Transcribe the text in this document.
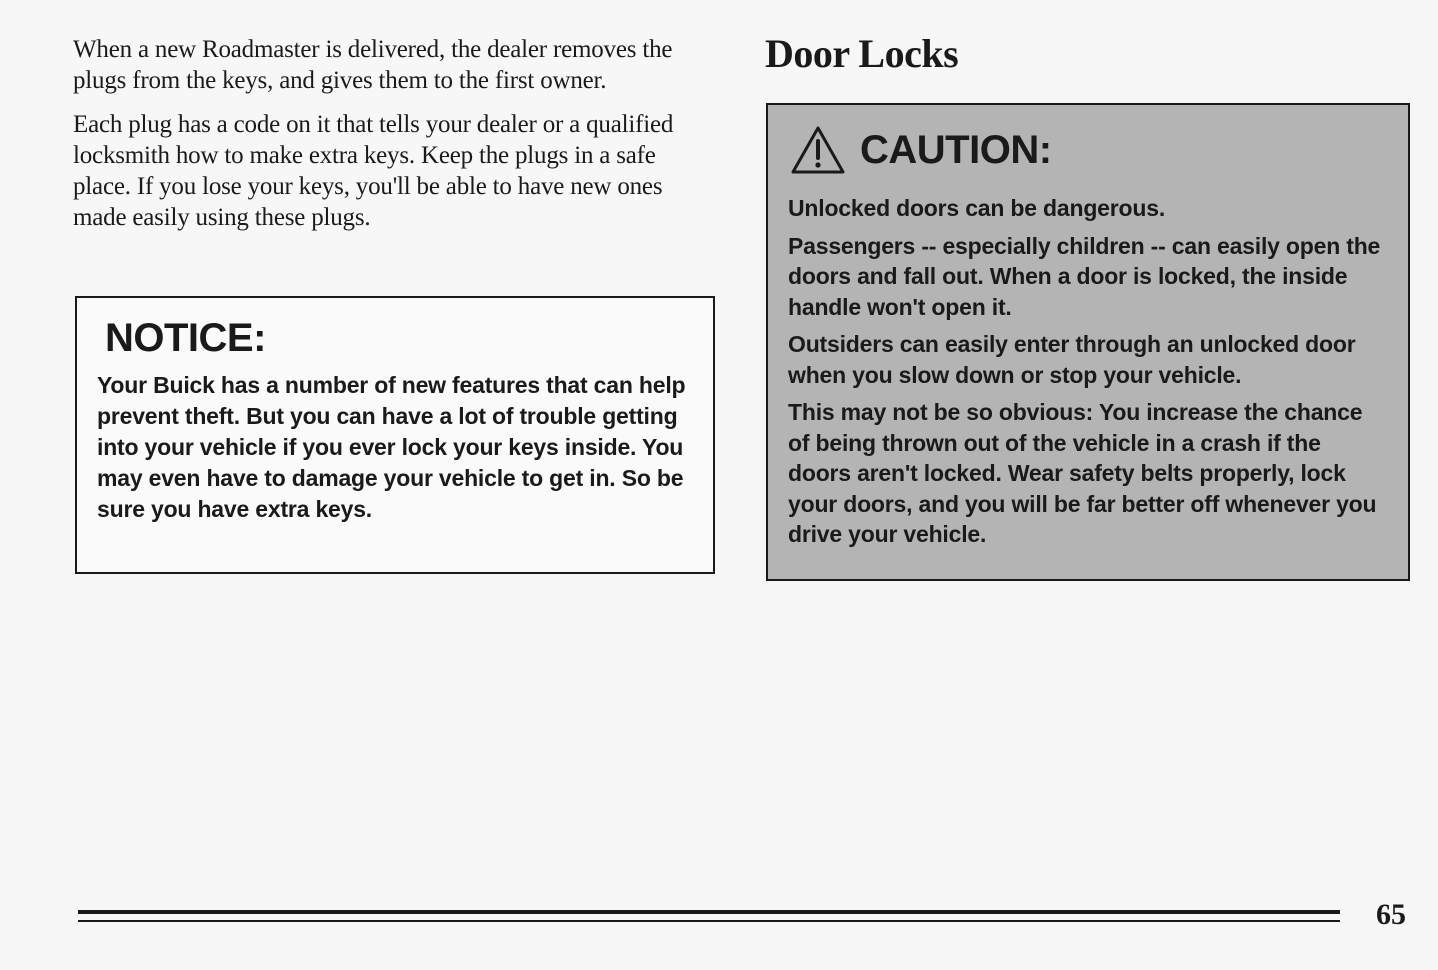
When a new Roadmaster is delivered, the dealer removes the plugs from the keys, and gives them to the first owner.

Each plug has a code on it that tells your dealer or a qualified locksmith how to make extra keys. Keep the plugs in a safe place. If you lose your keys, you'll be able to have new ones made easily using these plugs.

NOTICE:

Your Buick has a number of new features that can help prevent theft. But you can have a lot of trouble getting into your vehicle if you ever lock your keys inside. You may even have to damage your vehicle to get in. So be sure you have extra keys.

Door Locks
CAUTION:

Unlocked doors can be dangerous.

Passengers -- especially children -- can easily open the doors and fall out. When a door is locked, the inside handle won't open it.

Outsiders can easily enter through an unlocked door when you slow down or stop your vehicle.

This may not be so obvious: You increase the chance of being thrown out of the vehicle in a crash if the doors aren't locked. Wear safety belts properly, lock your doors, and you will be far better off whenever you drive your vehicle.

65
